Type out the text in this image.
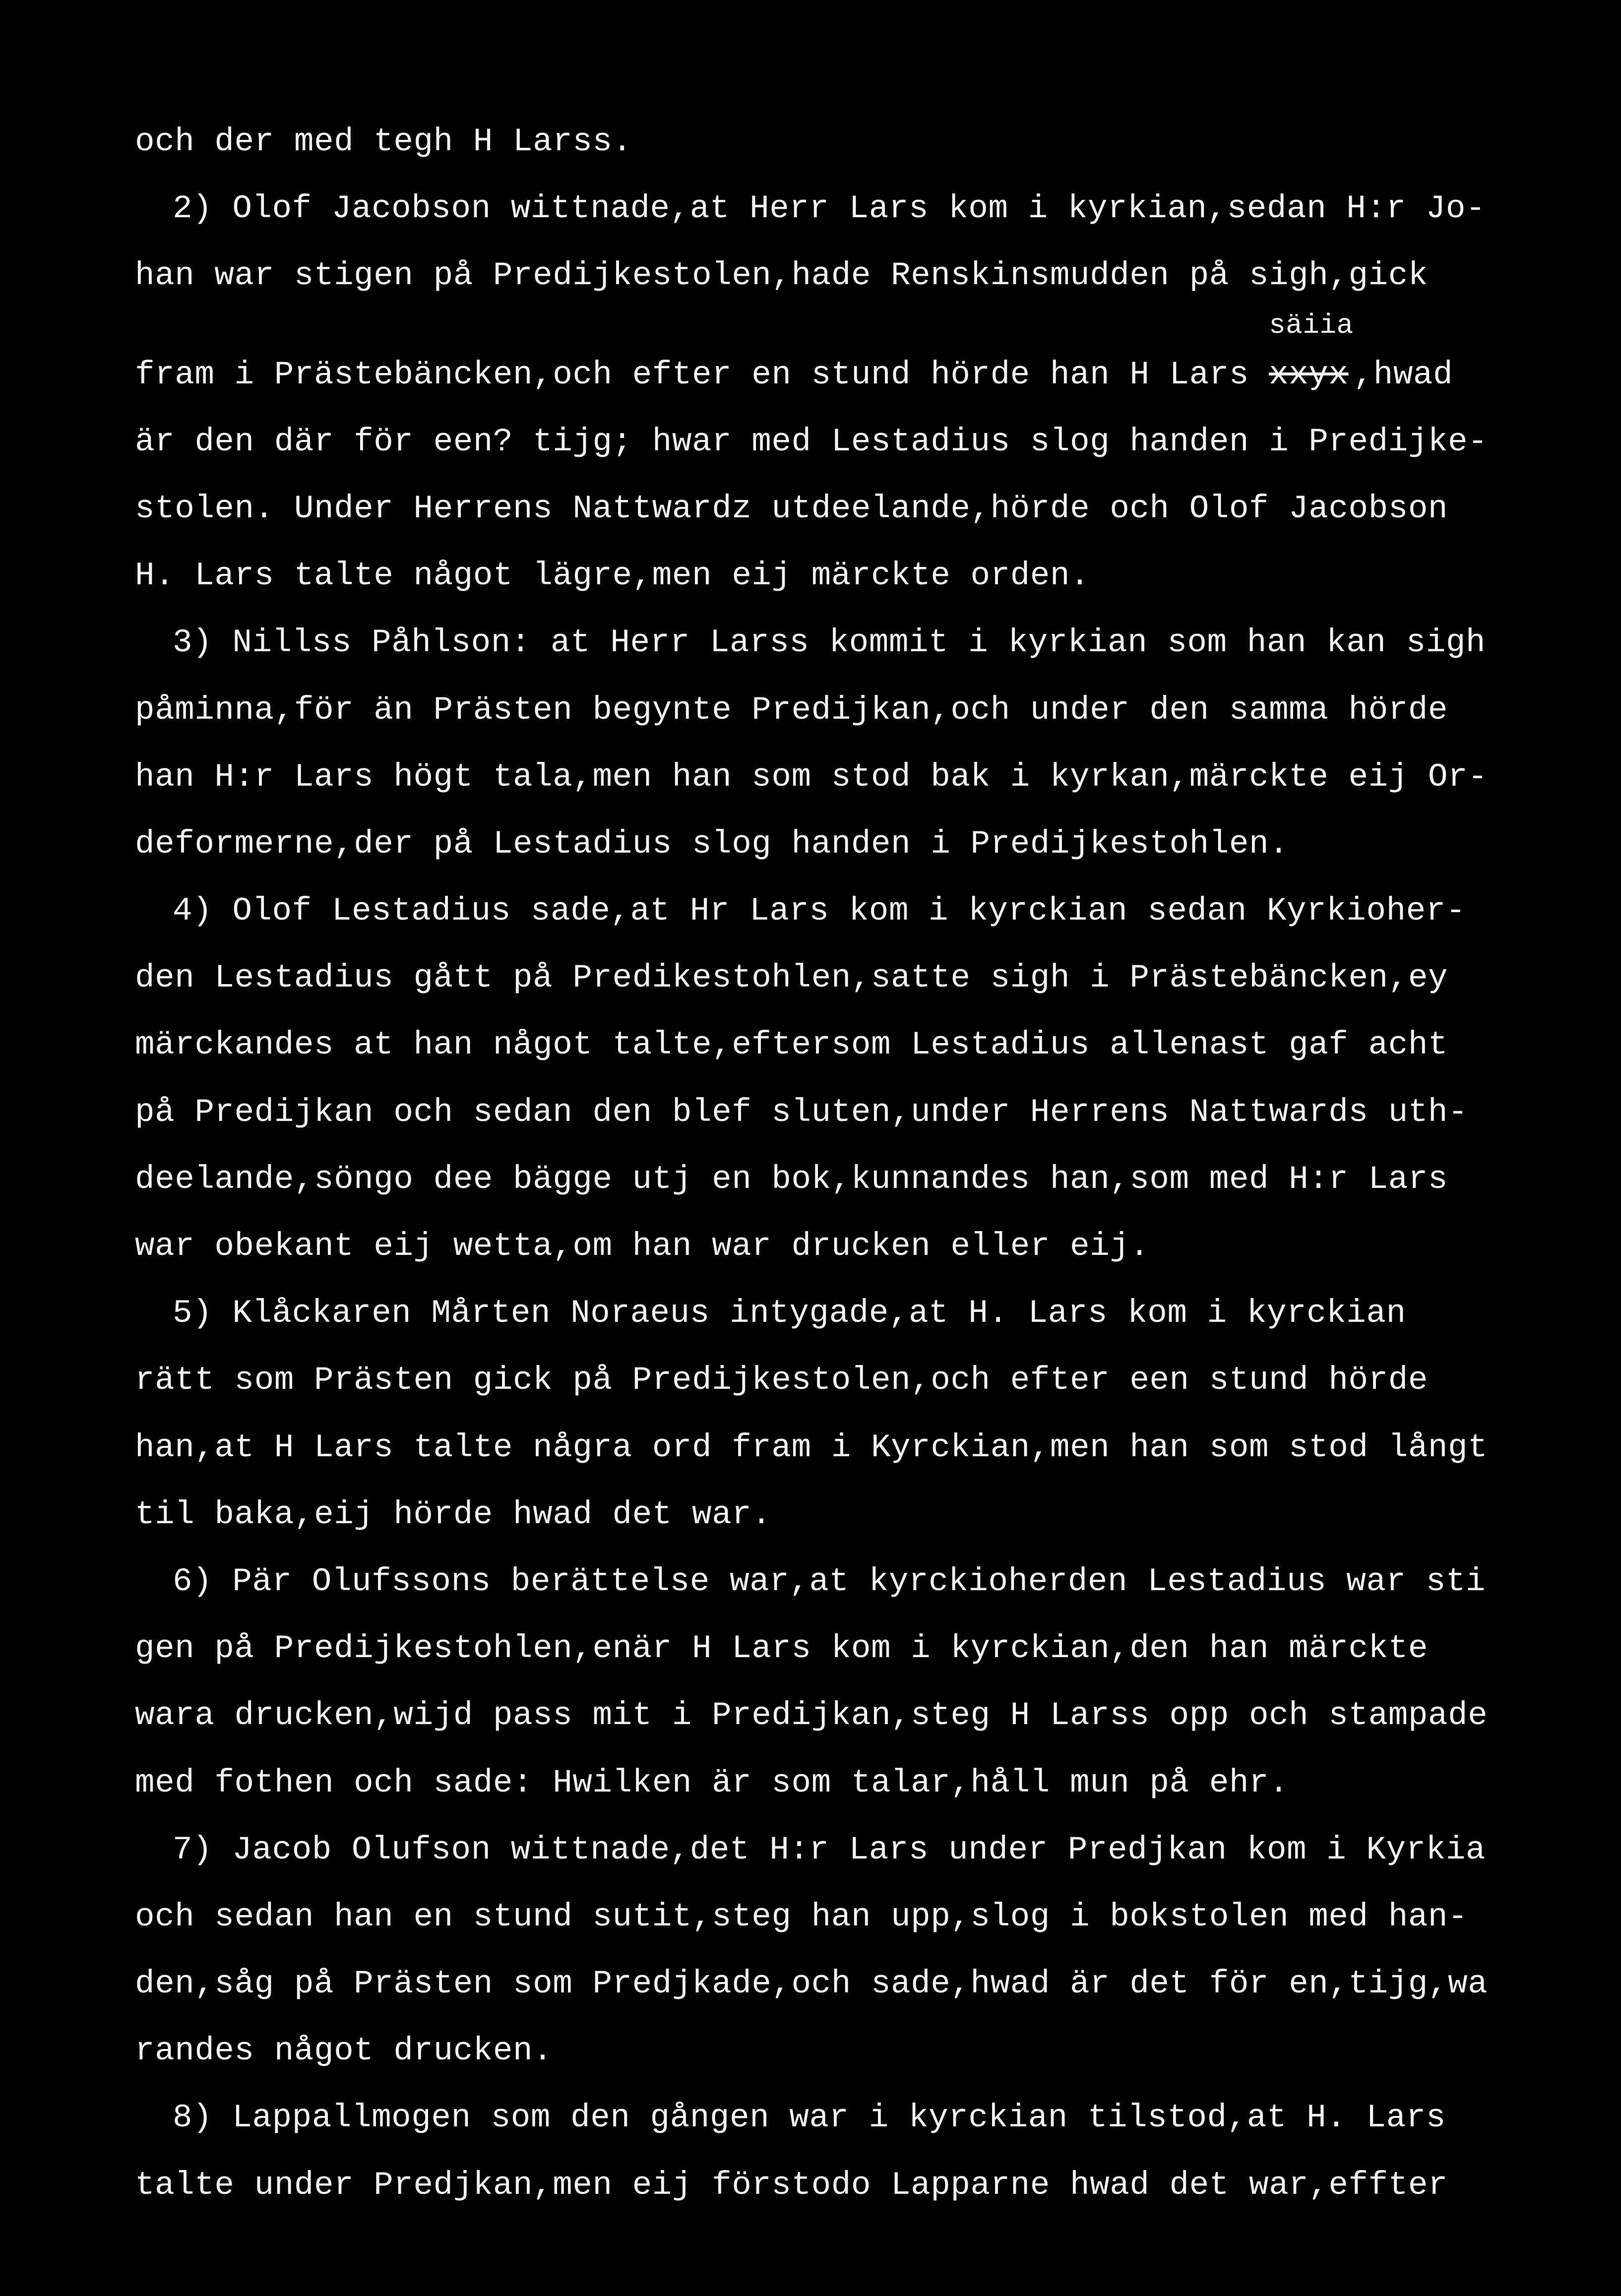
och der med tegh H Larss.
2) Olof Jacobson wittnade,at Herr Lars kom i kyrkian,sedan H:r Jo-
han war stigen på Predijkestolen,hade Renskinsmudden på sigh,gick
fram i Prästebäncken,och efter en stund hörde han H Lars
säiia
xxyx ,hwad
är den där för een? tijg; hwar med Lestadius slog handen i Predijke-
stolen. Under Herrens Nattwardz utdeelande,hörde och Olof Jacobson
H. Lars talte något lägre,men eij märckte orden.
3) Nillss Påhlson: at Herr Larss kommit i kyrkian som han kan sigh
påminna,för än Prästen begynte Predijkan,och under den samma hörde
han H:r Lars högt tala,men han som stod bak i kyrkan,märckte eij Or-
deformerne,der på Lestadius slog handen i Predijkestohlen.
4) Olof Lestadius sade,at Hr Lars kom i kyrckian sedan Kyrkioher-
den Lestadius gått på Predikestohlen,satte sigh i Prästebäncken,ey
märckandes at han något talte,eftersom Lestadius allenast gaf acht
på Predijkan och sedan den blef sluten,under Herrens Nattwards uth-
deelande,söngo dee bägge utj en bok,kunnandes han,som med H:r Lars
war obekant eij wetta,om han war drucken eller eij.
5) Klåckaren Mårten Noraeus intygade,at H. Lars kom i kyrckian
rätt som Prästen gick på Predijkestolen,och efter een stund hörde
han,at H Lars talte några ord fram i Kyrckian,men han som stod långt
til baka,eij hörde hwad det war.
6) Pär Olufssons berättelse war,at kyrckioherden Lestadius war sti
gen på Predijkestohlen,enär H Lars kom i kyrckian,den han märckte
wara drucken,wijd pass mit i Predijkan,steg H Larss opp och stampade
med fothen och sade: Hwilken är som talar,håll mun på ehr.
7) Jacob Olufson wittnade,det H:r Lars under Predjkan kom i Kyrkia
och sedan han en stund sutit,steg han upp,slog i bokstolen med han-
den,såg på Prästen som Predjkade,och sade,hwad är det för en,tijg,wa
randes något drucken.
8) Lappallmogen som den gången war i kyrckian tilstod,at H. Lars
talte under Predjkan,men eij förstodo Lapparne hwad det war,effter
